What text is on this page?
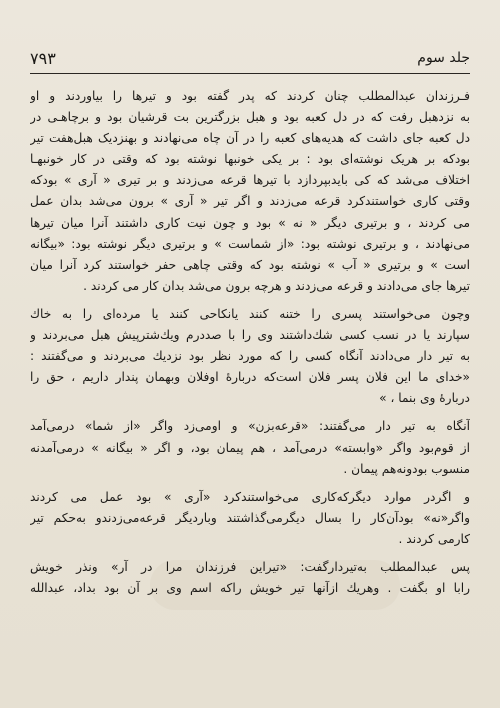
جلد سوم
۷۹۳
فـرزندان عبدالمطلب چنان کردند که پدر گفته بود و تیرها را بیاوردند و او
به نزدهبل رفت که در دل کعبه بود و هبل بزرگترین بت قرشیان بود و برچاهـی در
دل کعبه جای داشت که هدیه‌های کعبه را در آن چاه می‌نهادند و بهنزدیک هبل‌هفت تیر
بودکه بر هریک نوشته‌ای بود : بر یکی خونبها نوشته بود که وقتی در کار خونبهـا
اختلاف می‌شد که کی بایدبپردازد با تیرها قرعه می‌زدند و بر تیری « آری » بودکه
وقتی کاری خواستندکرد قرعه می‌زدند و اگر تیر « آری » برون می‌شد بدان عمل
می کردند ، و برتیری دیگر « نه » بود و چون نیت کاری داشتند آنرا میان تیرها
می‌نهادند ، و برتیری نوشته بود: «از شماست » و برتیری دیگر نوشته بود: «بیگانه
است » و برتیری « آب » نوشته بود که وقتی چاهی حفر خواستند کرد آنرا میان
تیرها جای می‌دادند و قرعه می‌زدند و هرچه برون می‌شد بدان کار می کردند .
وچون می‌خواستند پسری را ختنه کنند یانکاحی کنند یا مرده‌ای را به خاك
سپارند یا در نسب کسی شك‌داشتند وی را با صددرم ویك‌شترپیش هبل می‌بردند و
به تیر دار می‌دادند آنگاه کسی را که مورد نظر بود نزدیك می‌بردند و می‌گفتند :
«خدای ما این فلان پسر فلان است‌که دربارهٔ اوفلان وبهمان پندار داریم ، حق را
دربارهٔ وی بنما ، »
آنگاه به تیر دار می‌گفتند: «قرعه‌بزن» و اومی‌زد واگر «از شما» درمی‌آمد
از قوم‌بود واگر «وابسته» درمی‌آمد ، هم پیمان بود، و اگر « بیگانه » درمی‌آمدنه
منسوب بودونه‌هم پیمان .
و اگردر موارد دیگرکه‌کاری می‌خواستندکرد «آری » بود عمل می کردند
واگر«نه» بودآن‌کار را بسال دیگرمی‌گذاشتند وباردیگر قرعه‌می‌زدندو به‌حکم تیر
کارمی کردند .
پس عبدالمطلب به‌تیردارگفت: «تیراین فرزندان مرا در آر» ونذر خویش
رابا او بگفت . وهریك ازآنها تیر خویش راکه اسم وی بر آن بود بداد، عبدالله
